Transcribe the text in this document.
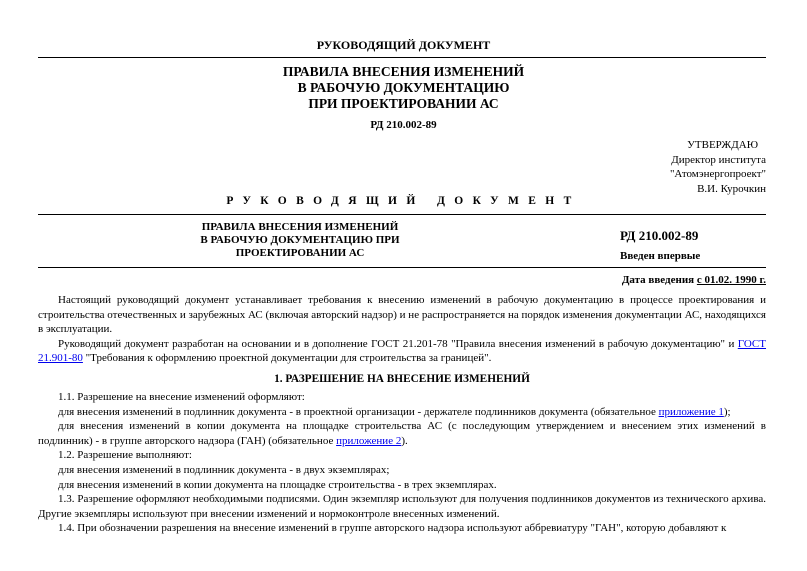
РУКОВОДЯЩИЙ ДОКУМЕНТ
ПРАВИЛА ВНЕСЕНИЯ ИЗМЕНЕНИЙ
В РАБОЧУЮ ДОКУМЕНТАЦИЮ
ПРИ ПРОЕКТИРОВАНИИ АС
РД 210.002-89
УТВЕРЖДАЮ
Директор института
"Атомэнергопроект"
В.И. Курочкин
РУКОВОДЯЩИЙ ДОКУМЕНТ
ПРАВИЛА ВНЕСЕНИЯ ИЗМЕНЕНИЙ
В РАБОЧУЮ ДОКУМЕНТАЦИЮ ПРИ
ПРОЕКТИРОВАНИИ АС
РД 210.002-89
Введен впервые
Дата введения с 01.02. 1990 г.

Настоящий руководящий документ устанавливает требования к внесению изменений в рабочую документацию в процессе проектирования и строительства отечественных и зарубежных АС (включая авторский надзор) и не распространяется на порядок изменения документации АС, находящихся в эксплуатации.

Руководящий документ разработан на основании и в дополнение ГОСТ 21.201-78 "Правила внесения изменений в рабочую документацию" и ГОСТ 21.901-80 "Требования к оформлению проектной документации для строительства за границей".

1. РАЗРЕШЕНИЕ НА ВНЕСЕНИЕ ИЗМЕНЕНИЙ

1.1. Разрешение на внесение изменений оформляют:

для внесения изменений в подлинник документа - в проектной организации - держателе подлинников документа (обязательное приложение 1);

для внесения изменений в копии документа на площадке строительства АС (с последующим утверждением и внесением этих изменений в подлинник) - в группе авторского надзора (ГАН) (обязательное приложение 2).

1.2. Разрешение выполняют:

для внесения изменений в подлинник документа - в двух экземплярах;

для внесения изменений в копии документа на площадке строительства - в трех экземплярах.

1.3. Разрешение оформляют необходимыми подписями. Один экземпляр используют для получения подлинников документов из технического архива. Другие экземпляры используют при внесении изменений и нормоконтроле внесенных изменений.

1.4. При обозначении разрешения на внесение изменений в группе авторского надзора используют аббревиатуру "ГАН", которую добавляют к
